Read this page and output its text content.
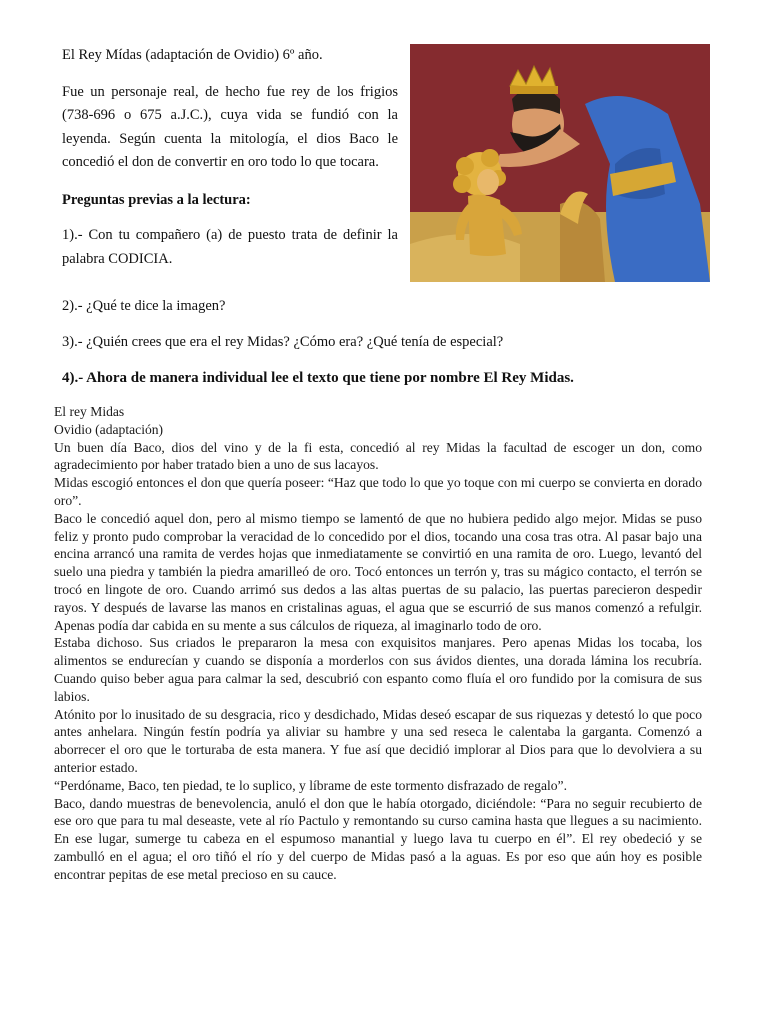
El Rey Mídas (adaptación de Ovidio) 6º año.

Fue un personaje real, de hecho fue rey de los frigios (738-696 o 675 a.J.C.), cuya vida se fundió con la leyenda. Según cuenta la mitología, el dios Baco le concedió el don de convertir en oro todo lo que tocara.

Preguntas previas a la lectura:

1).- Con tu compañero (a) de puesto trata de definir la palabra CODICIA.

2).- ¿Qué te dice la imagen?
3).- ¿Quién crees que era el rey Midas? ¿Cómo era? ¿Qué tenía de especial?
4).- Ahora de manera individual lee el texto que tiene por nombre El Rey Midas.

El rey Midas

Ovidio (adaptación)

Un buen día Baco, dios del vino y de la fi esta, concedió al rey Midas la facultad de escoger un don, como agradecimiento por haber tratado bien a uno de sus lacayos.

Midas escogió entonces el don que quería poseer: “Haz que todo lo que yo toque con mi cuerpo se convierta en dorado oro”.

Baco le concedió aquel don, pero al mismo tiempo se lamentó de que no hubiera pedido algo mejor. Midas se puso feliz y pronto pudo comprobar la veracidad de lo concedido por el dios, tocando una cosa tras otra. Al pasar bajo una encina arrancó una ramita de verdes hojas que inmediatamente se convirtió en una ramita de oro. Luego, levantó del suelo una piedra y también la piedra amarilleó de oro. Tocó entonces un terrón y, tras su mágico contacto, el terrón se trocó en lingote de oro. Cuando arrimó sus dedos a las altas puertas de su palacio, las puertas parecieron despedir rayos. Y después de lavarse las manos en cristalinas aguas, el agua que se escurrió de sus manos comenzó a refulgir. Apenas podía dar cabida en su mente a sus cálculos de riqueza, al imaginarlo todo de oro.

Estaba dichoso. Sus criados le prepararon la mesa con exquisitos manjares. Pero apenas Midas los tocaba, los alimentos se endurecían y cuando se disponía a morderlos con sus ávidos dientes, una dorada lámina los recubría. Cuando quiso beber agua para calmar la sed, descubrió con espanto como fluía el oro fundido por la comisura de sus labios.

Atónito por lo inusitado de su desgracia, rico y desdichado, Midas deseó escapar de sus riquezas y detestó lo que poco antes anhelara. Ningún festín podría ya aliviar su hambre y una sed reseca le calentaba la garganta. Comenzó a aborrecer el oro que le torturaba de esta manera. Y fue así que decidió implorar al Dios para que lo devolviera a su anterior estado.

“Perdóname, Baco, ten piedad, te lo suplico, y líbrame de este tormento disfrazado de regalo”.

Baco, dando muestras de benevolencia, anuló el don que le había otorgado, diciéndole: “Para no seguir recubierto de ese oro que para tu mal deseaste, vete al río Pactulo y remontando su curso camina hasta que llegues a su nacimiento. En ese lugar, sumerge tu cabeza en el espumoso manantial y luego lava tu cuerpo en él”. El rey obedeció y se zambulló en el agua; el oro tiñó el río y del cuerpo de Midas pasó a la aguas. Es por eso que aún hoy es posible encontrar pepitas de ese metal precioso en su cauce.
